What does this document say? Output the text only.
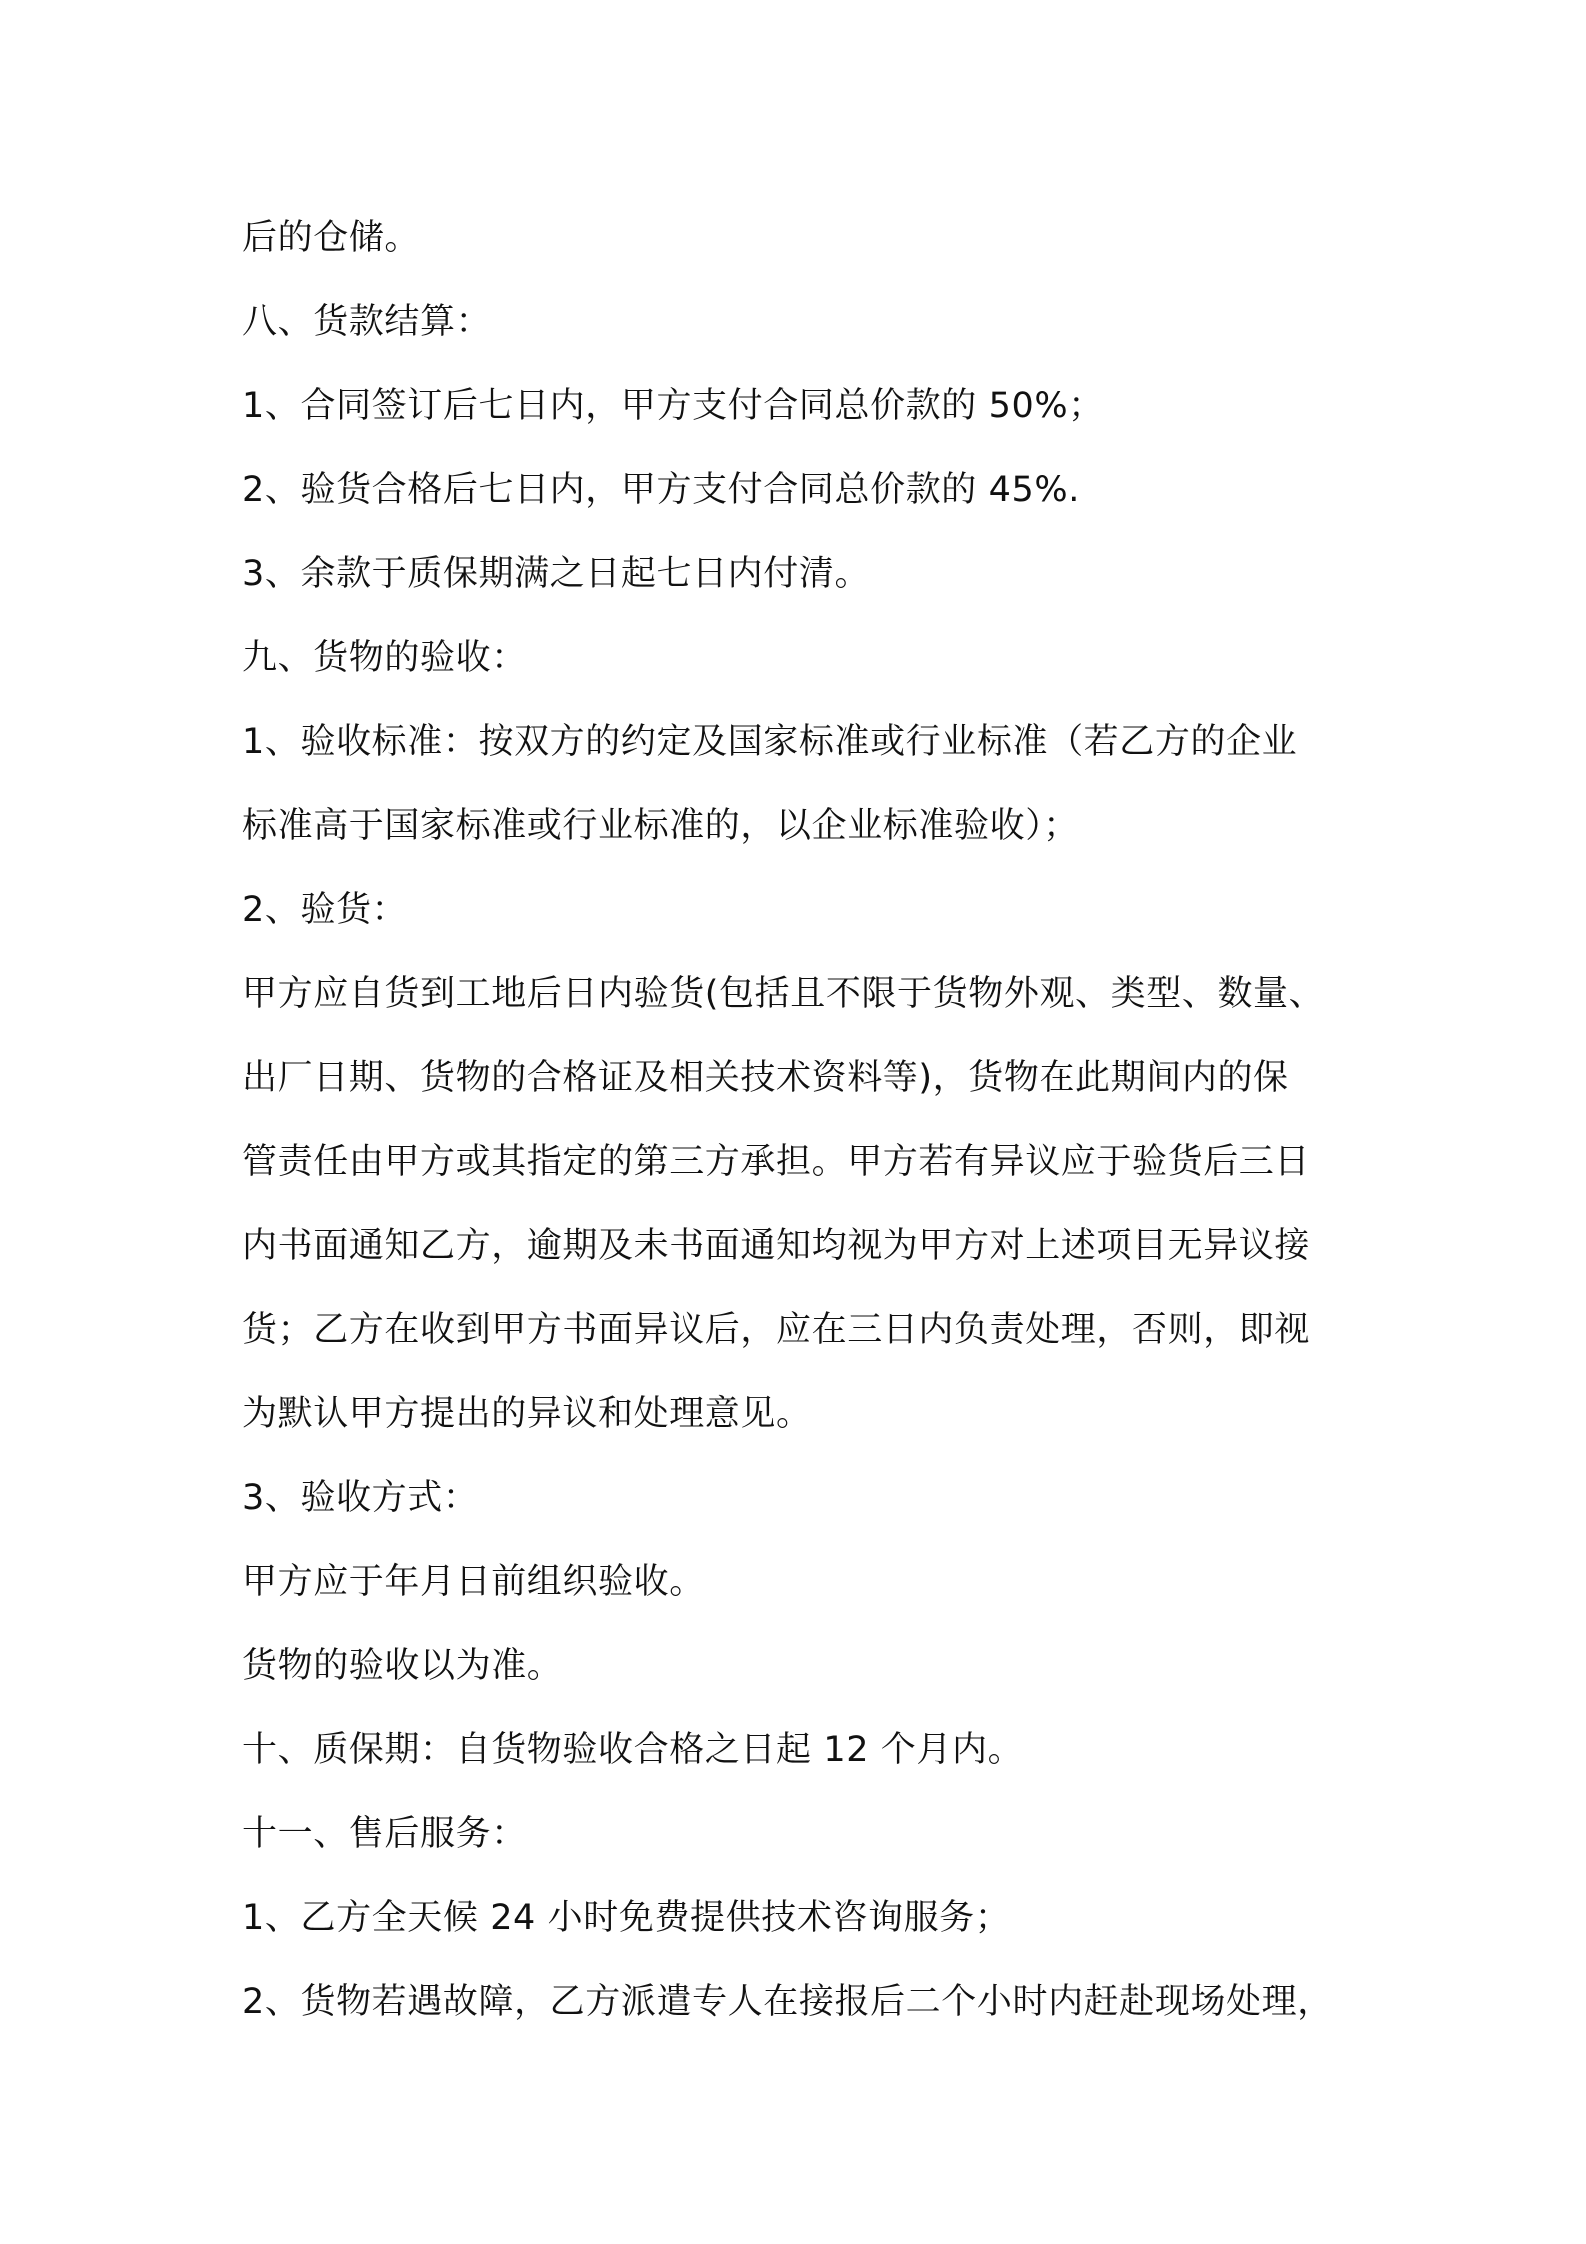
后的仓储。

八、货款结算：

1、合同签订后七日内，甲方支付合同总价款的 50%；

2、验货合格后七日内，甲方支付合同总价款的 45%.

3、余款于质保期满之日起七日内付清。

九、货物的验收：

1、验收标准：按双方的约定及国家标准或行业标准（若乙方的企业

标准高于国家标准或行业标准的，以企业标准验收）；

2、验货：

甲方应自货到工地后日内验货(包括且不限于货物外观、类型、数量、

出厂日期、货物的合格证及相关技术资料等)，货物在此期间内的保

管责任由甲方或其指定的第三方承担。甲方若有异议应于验货后三日

内书面通知乙方，逾期及未书面通知均视为甲方对上述项目无异议接

货；乙方在收到甲方书面异议后，应在三日内负责处理，否则，即视

为默认甲方提出的异议和处理意见。

3、验收方式：

甲方应于年月日前组织验收。

货物的验收以为准。

十、质保期：自货物验收合格之日起 12 个月内。

十一、售后服务：

1、乙方全天候 24 小时免费提供技术咨询服务；

2、货物若遇故障，乙方派遣专人在接报后二个小时内赶赴现场处理，
